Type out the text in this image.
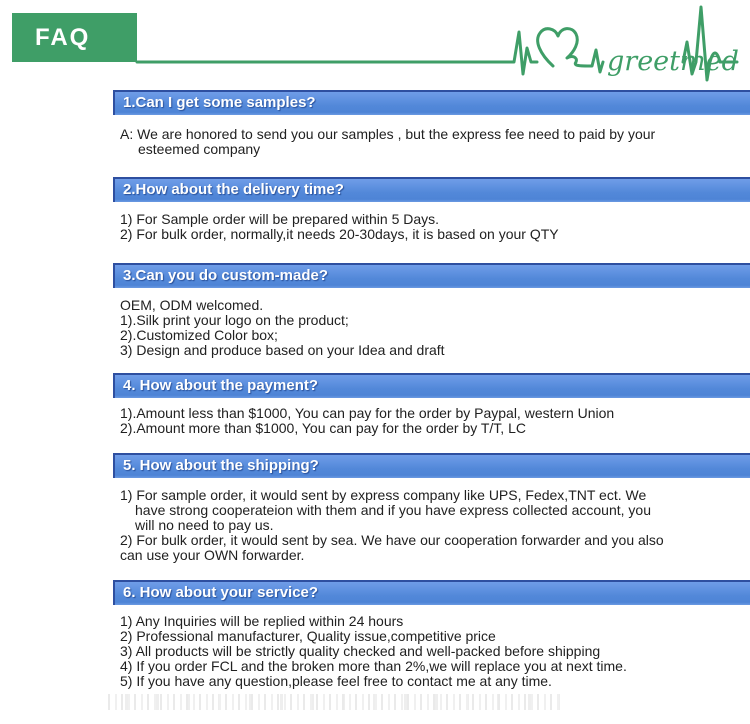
FAQ
greetmed
1.Can I get some samples?
A: We are honored to send you our samples , but the express fee need to paid by your
esteemed company
2.How about the delivery time?
1) For Sample order will be prepared within 5 Days.
2) For bulk order, normally,it needs 20-30days, it is based on your QTY
3.Can you do custom-made?
OEM, ODM welcomed.
1).Silk print your logo on the product;
2).Customized Color box;
3) Design and produce based on your Idea and draft
4. How about the payment?
1).Amount less than $1000, You can pay for the order by Paypal, western Union
2).Amount more than $1000, You can pay for the order by T/T, LC
5. How about the shipping?
1) For sample order, it would sent by express company like UPS, Fedex,TNT ect. We
have strong cooperateion with them and if you have express collected account, you
will no need to pay us.
2) For bulk order, it would sent by sea. We have our cooperation forwarder and you also
can use your OWN forwarder.
6. How about your service?
1) Any Inquiries will be replied within 24 hours
2) Professional manufacturer, Quality issue,competitive price
3) All products will be strictly quality checked and well-packed before shipping
4) If you order FCL and the broken more than 2%,we will replace you at next time.
5) If you have any question,please feel free to contact me at any time.
